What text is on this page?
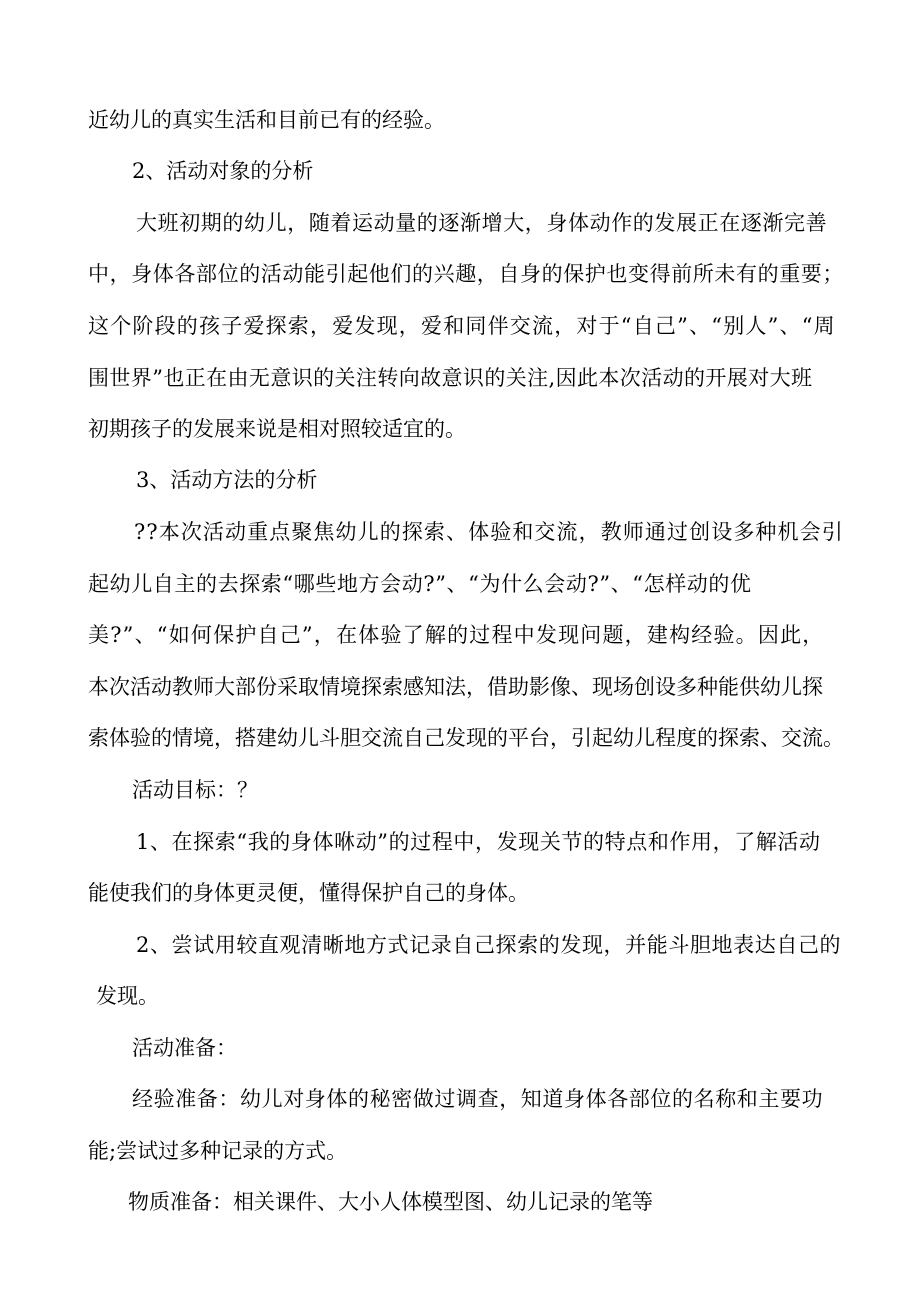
近幼儿的真实生活和目前已有的经验。

2、活动对象的分析

大班初期的幼儿，随着运动量的逐渐增大，身体动作的发展正在逐渐完善

中，身体各部位的活动能引起他们的兴趣，自身的保护也变得前所未有的重要；

这个阶段的孩子爱探索，爱发现，爱和同伴交流，对于“自己”、“别人”、“周

围世界”也正在由无意识的关注转向故意识的关注,因此本次活动的开展对大班

初期孩子的发展来说是相对照较适宜的。

3、活动方法的分析

??本次活动重点聚焦幼儿的探索、体验和交流，教师通过创设多种机会引

起幼儿自主的去探索“哪些地方会动?”、“为什么会动?”、“怎样动的优

美?”、“如何保护自己”，在体验了解的过程中发现问题，建构经验。因此，

本次活动教师大部份采取情境探索感知法，借助影像、现场创设多种能供幼儿探

索体验的情境，搭建幼儿斗胆交流自己发现的平台，引起幼儿程度的探索、交流。

活动目标：？

1、在探索“我的身体咻动”的过程中，发现关节的特点和作用，了解活动

能使我们的身体更灵便，懂得保护自己的身体。

2、尝试用较直观清晰地方式记录自己探索的发现，并能斗胆地表达自己的

发现。

活动准备：

经验准备：幼儿对身体的秘密做过调查，知道身体各部位的名称和主要功

能;尝试过多种记录的方式。

物质准备：相关课件、大小人体模型图、幼儿记录的笔等
